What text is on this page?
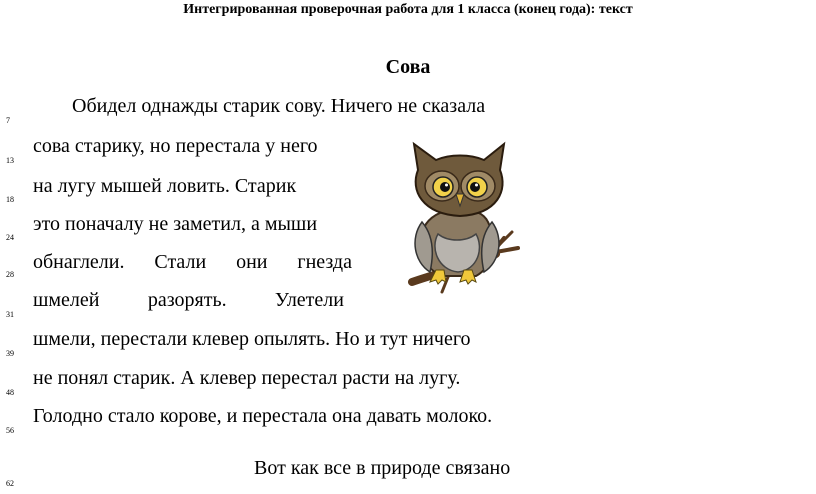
Интегрированная проверочная работа для 1 класса (конец года): текст
Сова
Обидел однажды старик сову. Ничего не сказала
сова старику, но перестала у него
на лугу мышей ловить. Старик
это поначалу не заметил, а мыши
обнаглели. Стали они гнезда
шмелей разорять. Улетели
шмели, перестали клевер опылять. Но и тут ничего
не понял старик. А клевер перестал расти на лугу.
Голодно стало корове, и перестала она давать молоко.
Вот как все в природе связано
7
13
18
24
28
31
39
48
56
62
